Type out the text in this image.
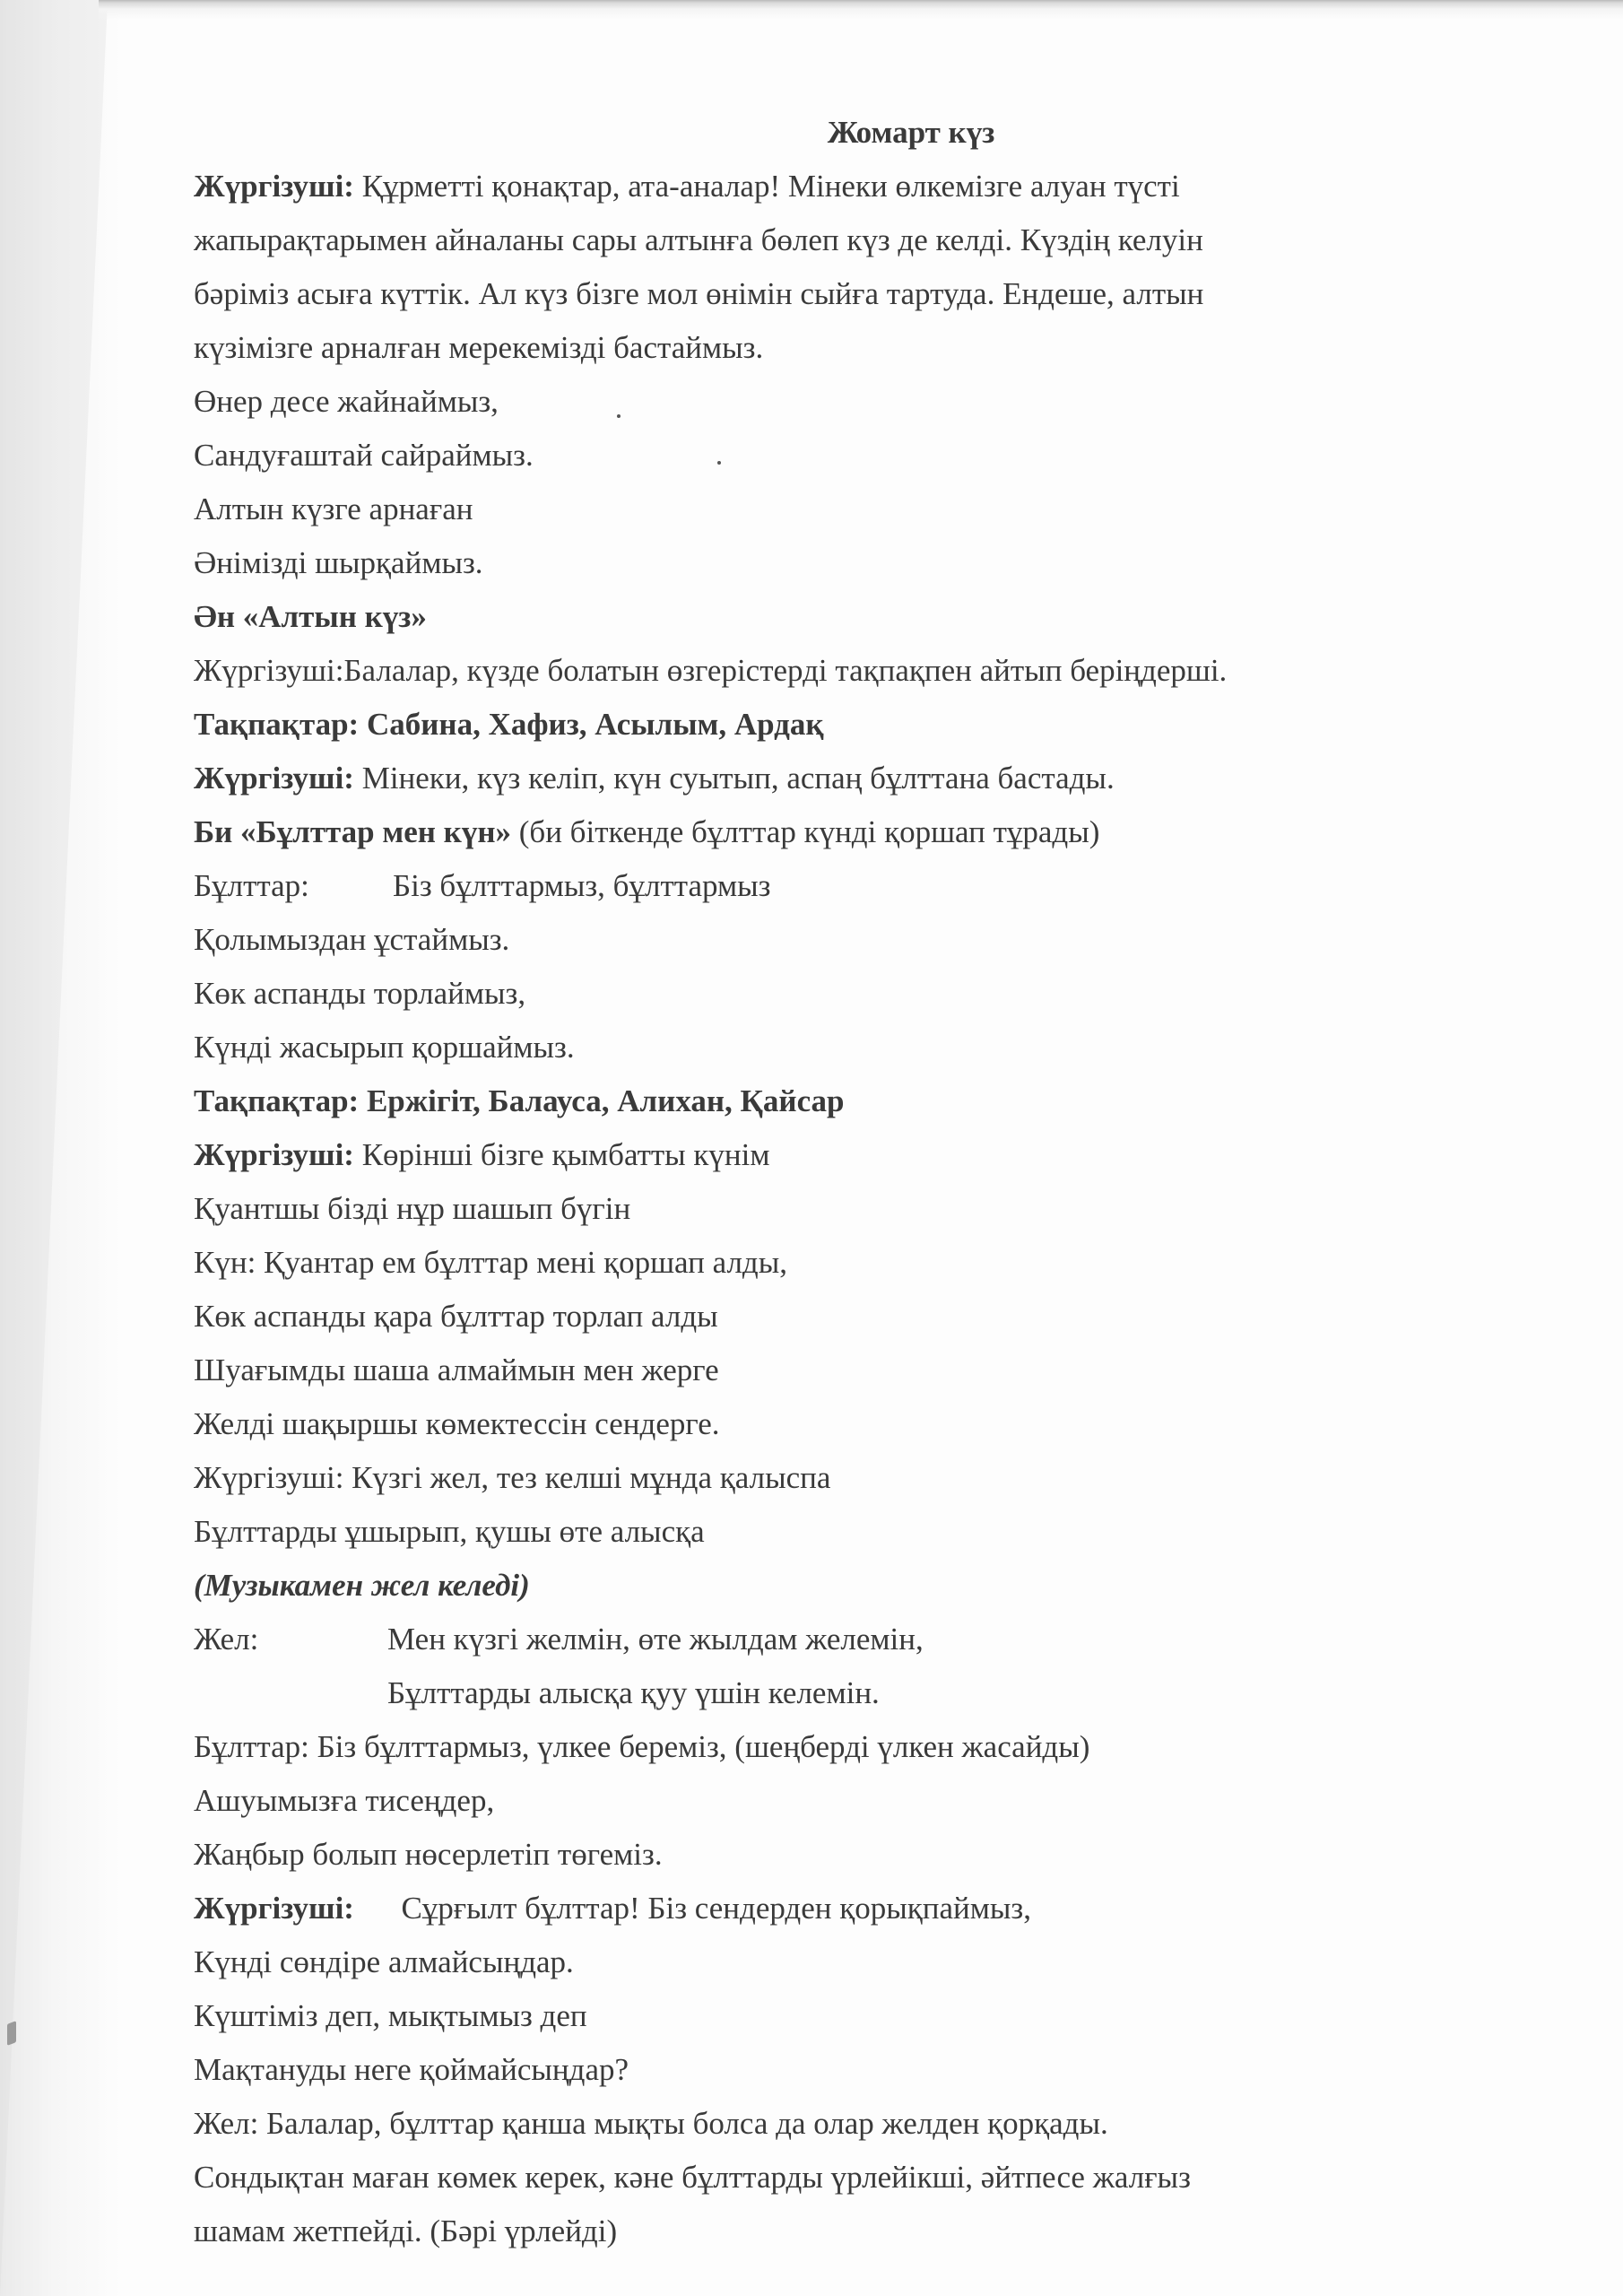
Жомарт күз

Жүргізуші: Құрметті қонақтар, ата-аналар! Мінеки өлкемізге алуан түсті

жапырақтарымен айналаны сары алтынға бөлеп күз де келді. Күздің келуін

бәріміз асыға күттік. Ал күз бізге мол өнімін сыйға тартуда. Ендеше, алтын

күзімізге арналған мерекемізді бастаймыз.

Өнер десе жайнаймыз,

Сандуғаштай сайраймыз.

Алтын күзге арнаған

Әнімізді шырқаймыз.

Ән «Алтын күз»

Жүргізуші:Балалар, күзде болатын өзгерістерді тақпақпен айтып беріңдерші.

Тақпақтар: Сабина, Хафиз, Асылым, Ардақ

Жүргізуші: Мінеки, күз келіп, күн суытып, аспаң бұлттана бастады.

Би «Бұлттар мен күн» (би біткенде бұлттар күнді қоршап тұрады)

Бұлттар:	Біз бұлттармыз, бұлттармыз

Қолымыздан ұстаймыз.

Көк аспанды торлаймыз,

Күнді жасырып қоршаймыз.

Тақпақтар: Ержігіт, Балауса, Алихан, Қайсар

Жүргізуші: Көрінші бізге қымбатты күнім

Қуантшы бізді нұр шашып бүгін

Күн: Қуантар ем бұлттар мені қоршап алды,

Көк аспанды қара бұлттар торлап алды

Шуағымды шаша алмаймын мен жерге

Желді шақыршы көмектессін сендерге.

Жүргізуші: Күзгі жел, тез келші мұнда қалыспа

Бұлттарды ұшырып, қушы өте алысқа

(Музыкамен жел келеді)

Жел:	Мен күзгі желмін, өте жылдам желемін,

Бұлттарды алысқа қуу үшін келемін.

Бұлттар: Біз бұлттармыз, үлкее береміз, (шеңберді үлкен жасайды)

Ашуымызға тисеңдер,

Жаңбыр болып нөсерлетіп төгеміз.

Жүргізуші:      Сұрғылт бұлттар! Біз сендерден қорықпаймыз,

Күнді сөндіре алмайсыңдар.

Күштіміз деп, мықтымыз деп

Мақтануды неге қоймайсыңдар?

Жел: Балалар, бұлттар қанша мықты болса да олар желден қорқады.

Сондықтан маған көмек керек, кәне бұлттарды үрлейікші, әйтпесе жалғыз

шамам жетпейді. (Бәрі үрлейді)
